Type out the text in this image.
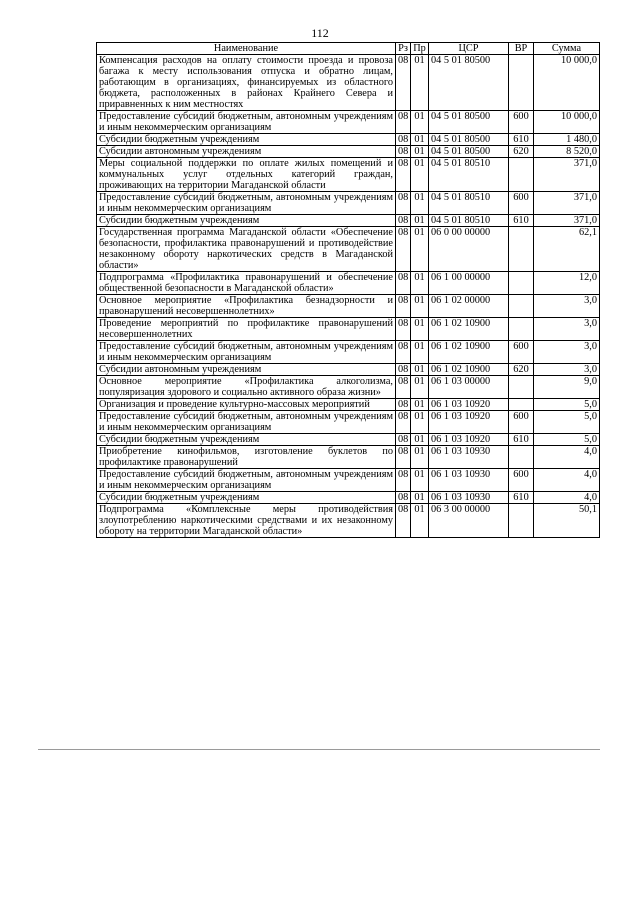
112
Наименование	Рз	Пр	ЦСР	ВР	Сумма
Компенсация расходов на оплату стоимости проезда и провоза багажа к месту использования отпуска и обратно лицам, работающим в организациях, финансируемых из областного бюджета, расположенных в районах Крайнего Севера и приравненных к ним местностях	08	01	04 5 01 80500		10 000,0
Предоставление субсидий бюджетным, автономным учреждениям и иным некоммерческим организациям	08	01	04 5 01 80500	600	10 000,0
Субсидии бюджетным учреждениям	08	01	04 5 01 80500	610	1 480,0
Субсидии автономным учреждениям	08	01	04 5 01 80500	620	8 520,0
Меры социальной поддержки по оплате жилых помещений и коммунальных услуг отдельных категорий граждан, проживающих на территории Магаданской области	08	01	04 5 01 80510		371,0
Предоставление субсидий бюджетным, автономным учреждениям и иным некоммерческим организациям	08	01	04 5 01 80510	600	371,0
Субсидии бюджетным учреждениям	08	01	04 5 01 80510	610	371,0
Государственная программа Магаданской области «Обеспечение безопасности, профилактика правонарушений и противодействие незаконному обороту наркотических средств в Магаданской области»	08	01	06 0 00 00000		62,1
Подпрограмма «Профилактика правонарушений и обеспечение общественной безопасности в Магаданской области»	08	01	06 1 00 00000		12,0
Основное мероприятие «Профилактика безнадзорности и правонарушений несовершеннолетних»	08	01	06 1 02 00000		3,0
Проведение мероприятий по профилактике правонарушений несовершеннолетних	08	01	06 1 02 10900		3,0
Предоставление субсидий бюджетным, автономным учреждениям и иным некоммерческим организациям	08	01	06 1 02 10900	600	3,0
Субсидии автономным учреждениям	08	01	06 1 02 10900	620	3,0
Основное мероприятие «Профилактика алкоголизма, популяризация здорового и социально активного образа жизни»	08	01	06 1 03 00000		9,0
Организация и проведение культурно-массовых мероприятий	08	01	06 1 03 10920		5,0
Предоставление субсидий бюджетным, автономным учреждениям и иным некоммерческим организациям	08	01	06 1 03 10920	600	5,0
Субсидии бюджетным учреждениям	08	01	06 1 03 10920	610	5,0
Приобретение кинофильмов, изготовление буклетов по профилактике правонарушений	08	01	06 1 03 10930		4,0
Предоставление субсидий бюджетным, автономным учреждениям и иным некоммерческим организациям	08	01	06 1 03 10930	600	4,0
Субсидии бюджетным учреждениям	08	01	06 1 03 10930	610	4,0
Подпрограмма «Комплексные меры противодействия злоупотреблению наркотическими средствами и их незаконному обороту на территории Магаданской области»	08	01	06 3 00 00000		50,1
